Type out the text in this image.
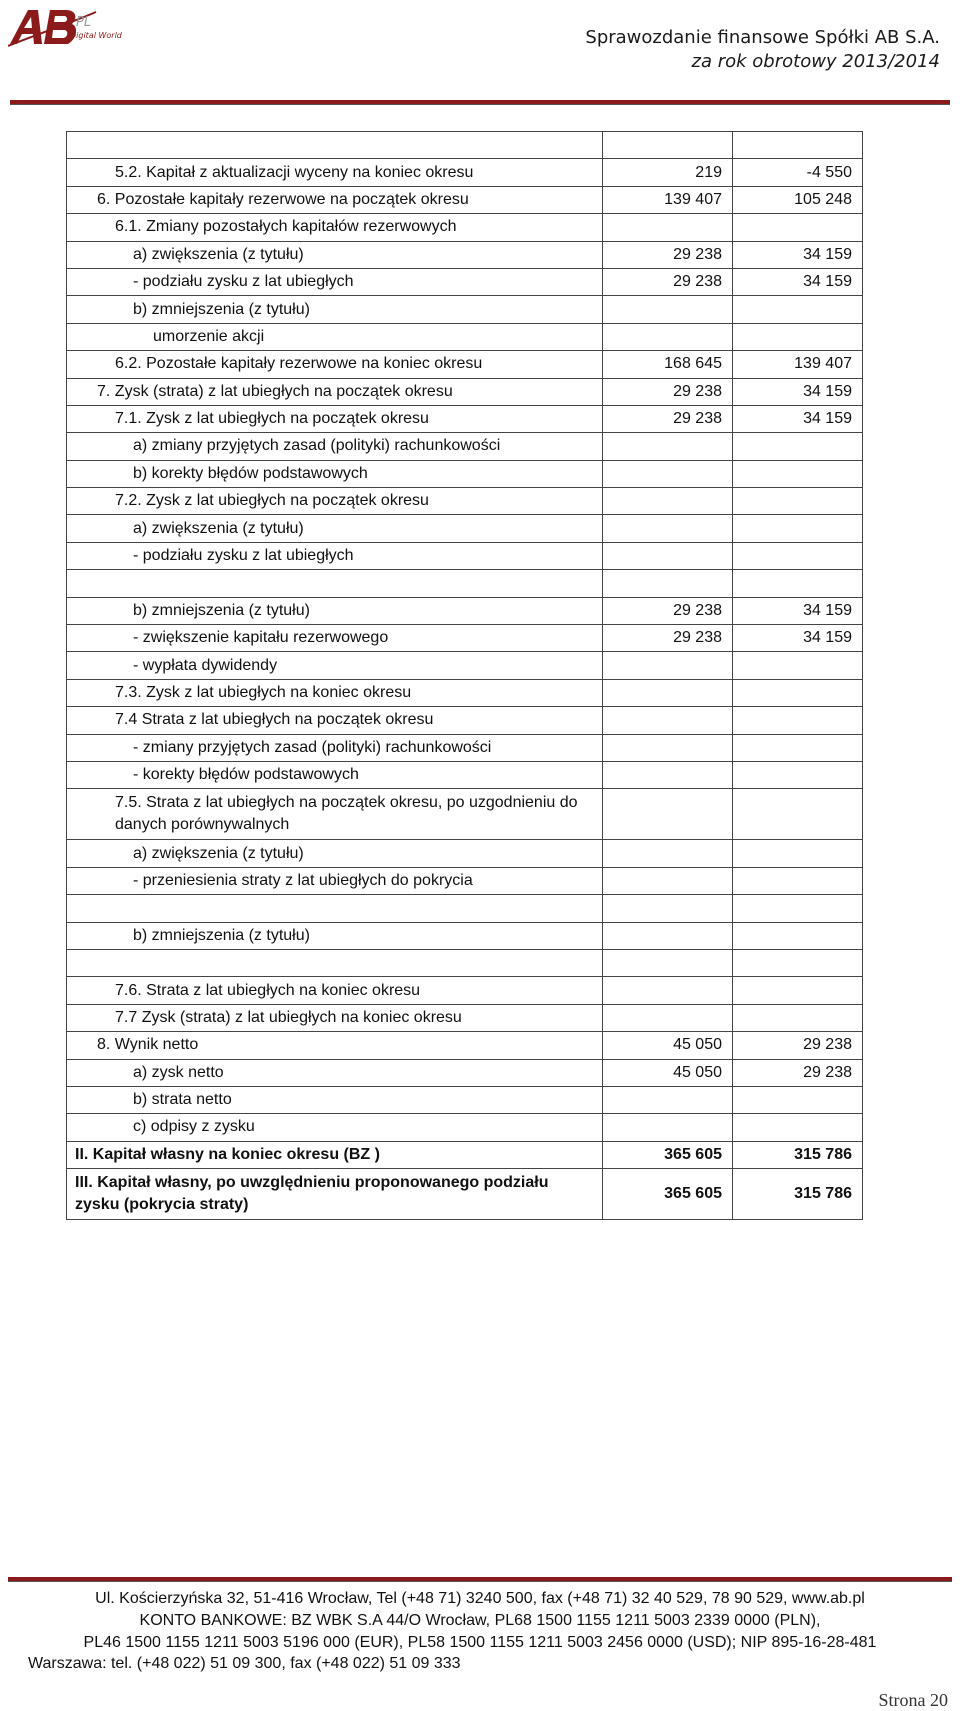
PL
Digital World	Sprawozdanie finansowe Spółki AB S.A.
za rok obrotowy 2013/2014

5.2. Kapitał z aktualizacji wyceny na koniec okresu	219	-4 550
6. Pozostałe kapitały rezerwowe na początek okresu	139 407	105 248
6.1. Zmiany pozostałych kapitałów rezerwowych		
a) zwiększenia (z tytułu)	29 238	34 159
- podziału zysku z lat ubiegłych	29 238	34 159
b) zmniejszenia (z tytułu)		
umorzenie akcji		
6.2. Pozostałe kapitały rezerwowe na koniec okresu	168 645	139 407
7. Zysk (strata) z lat ubiegłych na początek okresu	29 238	34 159
7.1. Zysk z lat ubiegłych na początek okresu	29 238	34 159
a) zmiany przyjętych zasad (polityki) rachunkowości		
b) korekty błędów podstawowych		
7.2. Zysk z lat ubiegłych na początek okresu		
a) zwiększenia (z tytułu)		
- podziału zysku z lat ubiegłych		

b) zmniejszenia (z tytułu)	29 238	34 159
- zwiększenie kapitału rezerwowego	29 238	34 159
- wypłata dywidendy		
7.3. Zysk z lat ubiegłych na koniec okresu		
7.4 Strata z lat ubiegłych na początek okresu		
- zmiany przyjętych zasad (polityki) rachunkowości		
- korekty błędów podstawowych		
7.5. Strata z lat ubiegłych na początek okresu, po uzgodnieniu do danych porównywalnych		
a) zwiększenia (z tytułu)		
- przeniesienia straty z lat ubiegłych do pokrycia		

b) zmniejszenia (z tytułu)		

7.6. Strata z lat ubiegłych na koniec okresu		
7.7 Zysk (strata) z lat ubiegłych na koniec okresu		
8. Wynik netto	45 050	29 238
a) zysk netto	45 050	29 238
b) strata netto		
c) odpisy z zysku		
II. Kapitał własny na koniec okresu (BZ )	365 605	315 786
III. Kapitał własny, po uwzględnieniu proponowanego podziału zysku (pokrycia straty)	365 605	315 786
Ul. Kościerzyńska 32, 51-416 Wrocław, Tel (+48 71) 3240 500, fax (+48 71) 32 40 529, 78 90 529, www.ab.pl
KONTO BANKOWE: BZ WBK S.A 44/O Wrocław, PL68 1500 1155 1211 5003 2339 0000 (PLN),
PL46 1500 1155 1211 5003 5196 000 (EUR), PL58 1500 1155 1211 5003 2456 0000 (USD); NIP 895-16-28-481
Warszawa: tel. (+48 022) 51 09 300, fax (+48 022) 51 09 333
Strona 20
